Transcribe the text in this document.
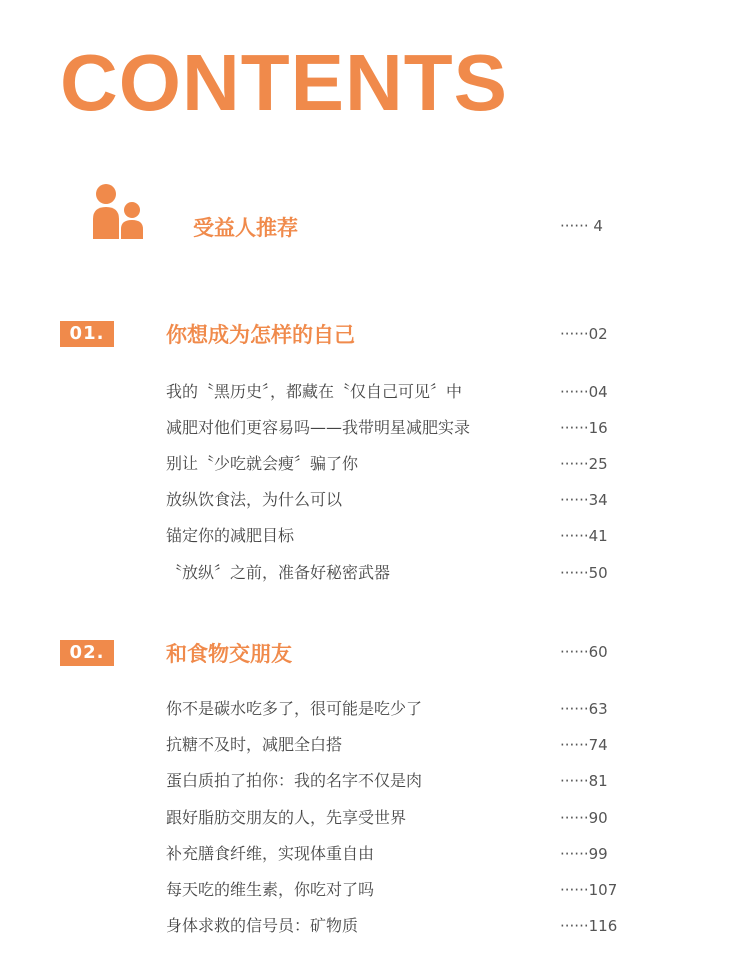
CONTENTS
受益人推荐	······ 4
01.	你想成为怎样的自己	······02
我的〝黑历史〞，都藏在〝仅自己可见〞中	······04
减肥对他们更容易吗——我带明星减肥实录	······16
别让〝少吃就会瘦〞骗了你	······25
放纵饮食法，为什么可以	······34
锚定你的减肥目标	······41
〝放纵〞之前，准备好秘密武器	······50
02.	和食物交朋友	······60
你不是碳水吃多了，很可能是吃少了	······63
抗糖不及时，减肥全白搭	······74
蛋白质拍了拍你：我的名字不仅是肉	······81
跟好脂肪交朋友的人，先享受世界	······90
补充膳食纤维，实现体重自由	······99
每天吃的维生素，你吃对了吗	······107
身体求救的信号员：矿物质	······116
